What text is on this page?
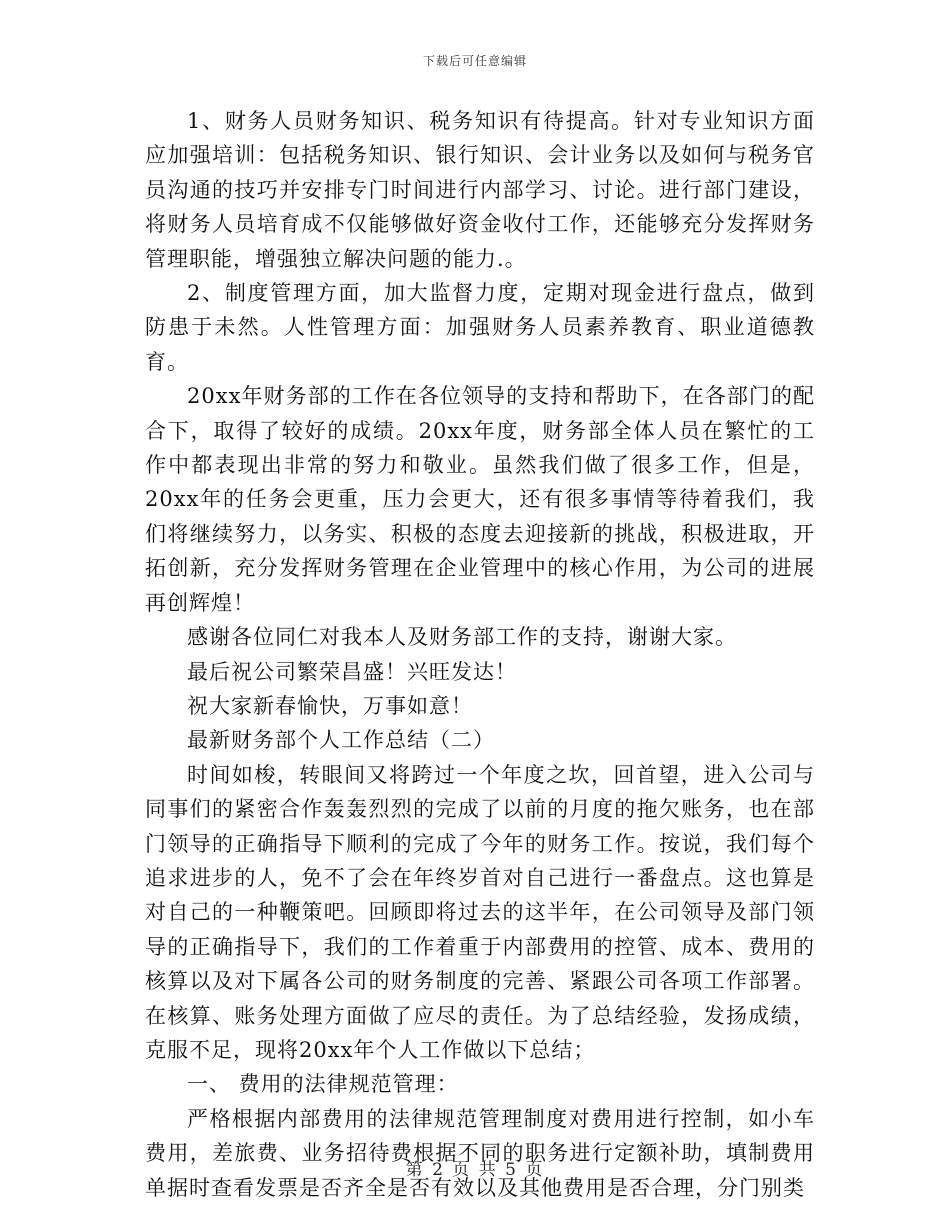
下载后可任意编辑

1、财务人员财务知识、税务知识有待提高。针对专业知识方面应加强培训：包括税务知识、银行知识、会计业务以及如何与税务官员沟通的技巧并安排专门时间进行内部学习、讨论。进行部门建设，将财务人员培育成不仅能够做好资金收付工作，还能够充分发挥财务管理职能，增强独立解决问题的能力.。

2、制度管理方面，加大监督力度，定期对现金进行盘点，做到防患于未然。人性管理方面：加强财务人员素养教育、职业道德教育。

20xx年财务部的工作在各位领导的支持和帮助下，在各部门的配合下，取得了较好的成绩。20xx年度，财务部全体人员在繁忙的工作中都表现出非常的努力和敬业。虽然我们做了很多工作，但是，20xx年的任务会更重，压力会更大，还有很多事情等待着我们，我们将继续努力，以务实、积极的态度去迎接新的挑战，积极进取，开拓创新，充分发挥财务管理在企业管理中的核心作用，为公司的进展再创辉煌！

感谢各位同仁对我本人及财务部工作的支持，谢谢大家。

最后祝公司繁荣昌盛！兴旺发达！

祝大家新春愉快，万事如意！

最新财务部个人工作总结（二）

时间如梭，转眼间又将跨过一个年度之坎，回首望，进入公司与同事们的紧密合作轰轰烈烈的完成了以前的月度的拖欠账务，也在部门领导的正确指导下顺利的完成了今年的财务工作。按说，我们每个追求进步的人，免不了会在年终岁首对自己进行一番盘点。这也算是对自己的一种鞭策吧。回顾即将过去的这半年，在公司领导及部门领导的正确指导下，我们的工作着重于内部费用的控管、成本、费用的核算以及对下属各公司的财务制度的完善、紧跟公司各项工作部署。在核算、账务处理方面做了应尽的责任。为了总结经验，发扬成绩，克服不足，现将20xx年个人工作做以下总结；

一、 费用的法律规范管理：

严格根据内部费用的法律规范管理制度对费用进行控制，如小车费用，差旅费、业务招待费根据不同的职务进行定额补助，填制费用单据时查看发票是否齐全是否有效以及其他费用是否合理，分门别类

第 2 页 共 5 页
